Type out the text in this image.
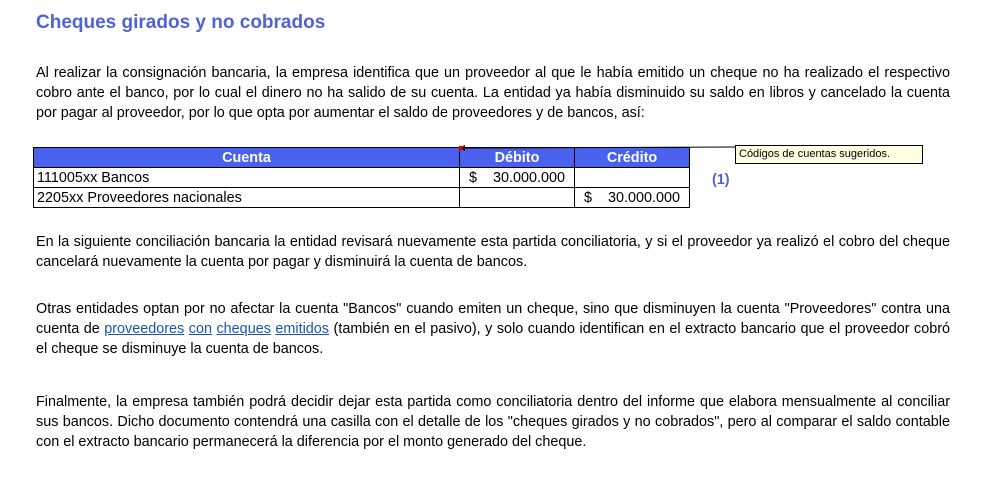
Cheques girados y no cobrados
Al realizar la consignación bancaria, la empresa identifica que un proveedor al que le había emitido un cheque no ha realizado el respectivo cobro ante el banco, por lo cual el dinero no ha salido de su cuenta. La entidad ya había disminuido su saldo en libros y cancelado la cuenta por pagar al proveedor, por lo que opta por aumentar el saldo de proveedores y de bancos, así:
Cuenta	Débito	Crédito
111005xx Bancos	$ 30.000.000	

2205xx Proveedores nacionales		$ 30.000.000
(1)
Códigos de cuentas sugeridos.
En la siguiente conciliación bancaria la entidad revisará nuevamente esta partida conciliatoria, y si el proveedor ya realizó el cobro del cheque cancelará nuevamente la cuenta por pagar y disminuirá la cuenta de bancos.
Otras entidades optan por no afectar la cuenta "Bancos" cuando emiten un cheque, sino que disminuyen la cuenta "Proveedores" contra una cuenta de proveedores con cheques emitidos (también en el pasivo), y solo cuando identifican en el extracto bancario que el proveedor cobró el cheque se disminuye la cuenta de bancos.
Finalmente, la empresa también podrá decidir dejar esta partida como conciliatoria dentro del informe que elabora mensualmente al conciliar sus bancos. Dicho documento contendrá una casilla con el detalle de los "cheques girados y no cobrados", pero al comparar el saldo contable con el extracto bancario permanecerá la diferencia por el monto generado del cheque.
